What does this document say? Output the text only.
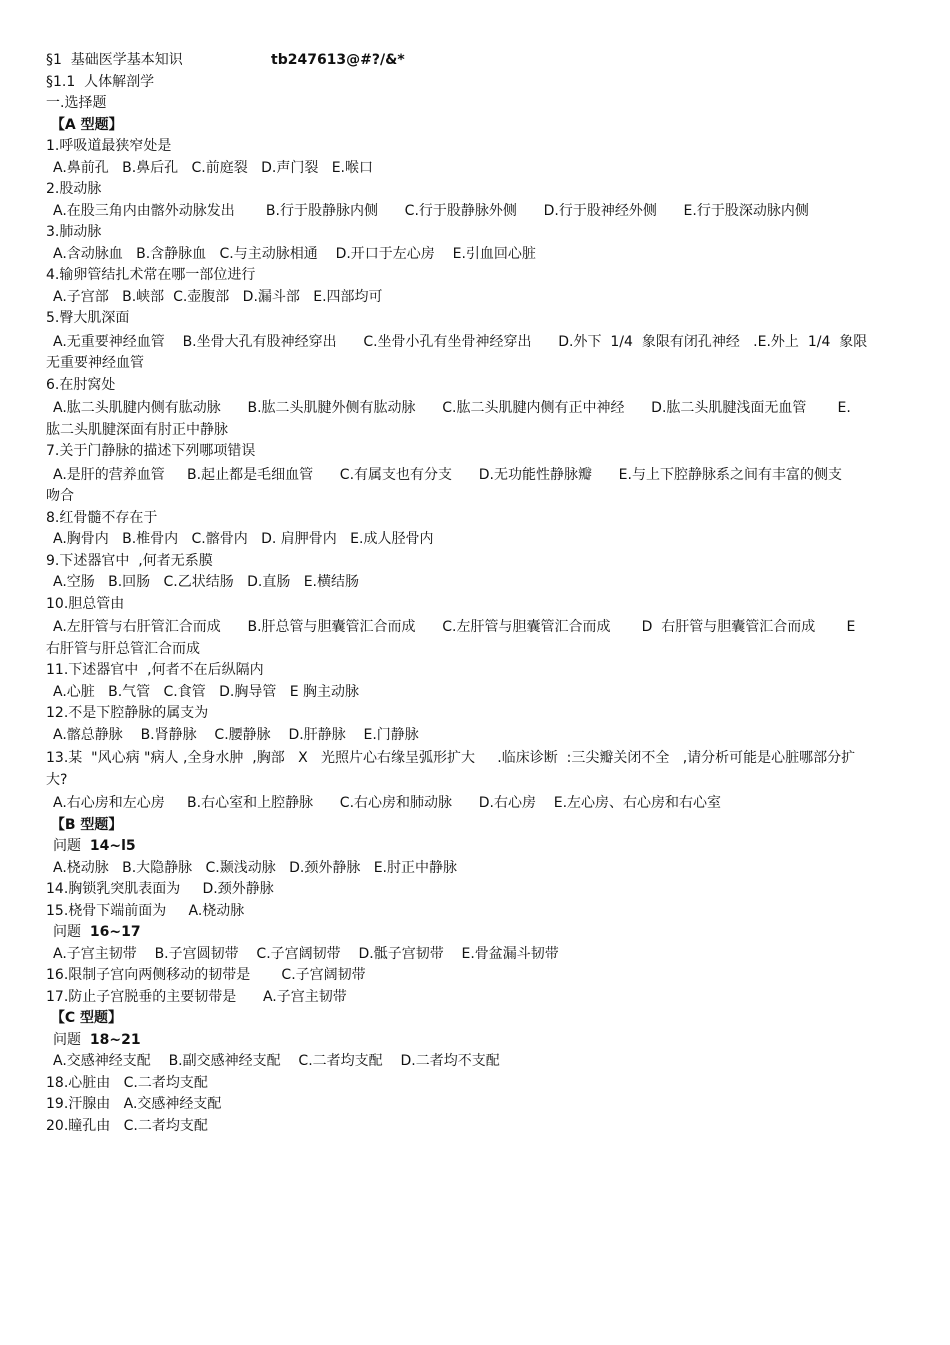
§1  基础医学基本知识	tb247613@#?/&*
§1.1  人体解剖学
一.选择题
【A 型题】
1.呼吸道最狭窄处是
A.鼻前孔   B.鼻后孔   C.前庭裂   D.声门裂   E.喉口
2.股动脉
A.在股三角内由髂外动脉发出       B.行于股静脉内侧      C.行于股静脉外侧      D.行于股神经外侧      E.行于股深动脉内侧
3.肺动脉
A.含动脉血   B.含静脉血   C.与主动脉相通    D.开口于左心房    E.引血回心脏
4.输卵管结扎术常在哪一部位进行
A.子宫部   B.峡部  C.壶腹部   D.漏斗部   E.四部均可
5.臀大肌深面
A.无重要神经血管    B.坐骨大孔有股神经穿出      C.坐骨小孔有坐骨神经穿出      D.外下  1/4  象限有闭孔神经   .E.外上  1/4  象限
无重要神经血管
6.在肘窝处
A.肱二头肌腱内侧有肱动脉      B.肱二头肌腱外侧有肱动脉      C.肱二头肌腱内侧有正中神经      D.肱二头肌腱浅面无血管       E.
肱二头肌腱深面有肘正中静脉
7.关于门静脉的描述下列哪项错误
A.是肝的营养血管     B.起止都是毛细血管      C.有属支也有分支      D.无功能性静脉瓣      E.与上下腔静脉系之间有丰富的侧支
吻合
8.红骨髓不存在于
A.胸骨内   B.椎骨内   C.髂骨内   D. 肩胛骨内   E.成人胫骨内
9.下述器官中  ,何者无系膜
A.空肠   B.回肠   C.乙状结肠   D.直肠   E.横结肠
10.胆总管由
A.左肝管与右肝管汇合而成      B.肝总管与胆囊管汇合而成      C.左肝管与胆囊管汇合而成       D  右肝管与胆囊管汇合而成       E
右肝管与肝总管汇合而成
11.下述器官中  ,何者不在后纵隔内
A.心脏   B.气管   C.食管   D.胸导管   E 胸主动脉
12.不是下腔静脉的属支为
A.髂总静脉    B.肾静脉    C.腰静脉    D.肝静脉    E.门静脉
13.某  "风心病 "病人 ,全身水肿  ,胸部   X   光照片心右缘呈弧形扩大     .临床诊断  :三尖瓣关闭不全   ,请分析可能是心脏哪部分扩
大?
A.右心房和左心房     B.右心室和上腔静脉      C.右心房和肺动脉      D.右心房    E.左心房、右心房和右心室
【B 型题】
问题  14~l5
A.桡动脉   B.大隐静脉   C.颞浅动脉   D.颈外静脉   E.肘正中静脉
14.胸锁乳突肌表面为     D.颈外静脉
15.桡骨下端前面为     A.桡动脉
问题  16~17
A.子宫主韧带    B.子宫圆韧带    C.子宫阔韧带    D.骶子宫韧带    E.骨盆漏斗韧带
16.限制子宫向两侧移动的韧带是       C.子宫阔韧带
17.防止子宫脱垂的主要韧带是      A.子宫主韧带
【C 型题】
问题  18~21
A.交感神经支配    B.副交感神经支配    C.二者均支配    D.二者均不支配
18.心脏由   C.二者均支配
19.汗腺由   A.交感神经支配
20.瞳孔由   C.二者均支配
